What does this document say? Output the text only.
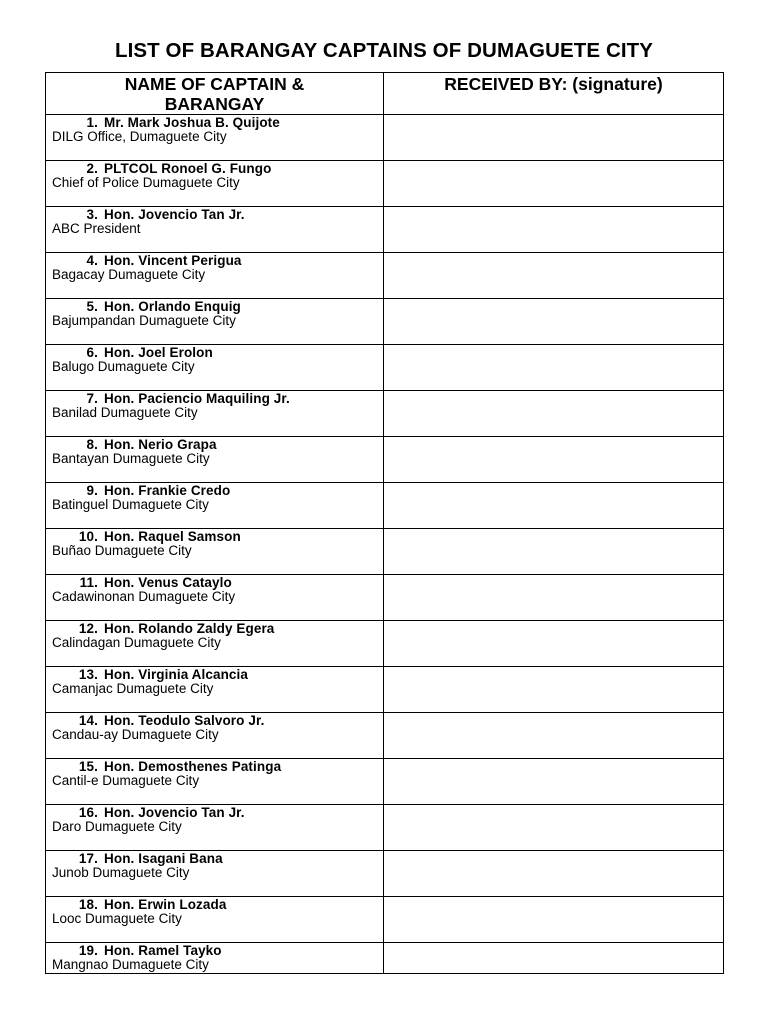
LIST OF BARANGAY CAPTAINS OF DUMAGUETE CITY
NAME OF CAPTAIN &
BARANGAY	RECEIVED BY: (signature)

1. Mr. Mark Joshua B. Quijote
DILG Office, Dumaguete City	

2. PLTCOL Ronoel G. Fungo
Chief of Police Dumaguete City	

3. Hon. Jovencio Tan Jr.
ABC President	

4. Hon. Vincent Perigua
Bagacay Dumaguete City	

5. Hon. Orlando Enquig
Bajumpandan Dumaguete City	

6. Hon. Joel Erolon
Balugo Dumaguete City	

7. Hon. Paciencio Maquiling Jr.
Banilad Dumaguete City	

8. Hon. Nerio Grapa
Bantayan Dumaguete City	

9. Hon. Frankie Credo
Batinguel Dumaguete City	

10. Hon. Raquel Samson
Buñao Dumaguete City	

11. Hon. Venus Cataylo
Cadawinonan Dumaguete City	

12. Hon. Rolando Zaldy Egera
Calindagan Dumaguete City	

13. Hon. Virginia Alcancia
Camanjac Dumaguete City	

14. Hon. Teodulo Salvoro Jr.
Candau-ay Dumaguete City	

15. Hon. Demosthenes Patinga
Cantil-e Dumaguete City	

16. Hon. Jovencio Tan Jr.
Daro Dumaguete City	

17. Hon. Isagani Bana
Junob Dumaguete City	

18. Hon. Erwin Lozada
Looc Dumaguete City	

19. Hon. Ramel Tayko
Mangnao Dumaguete City	
